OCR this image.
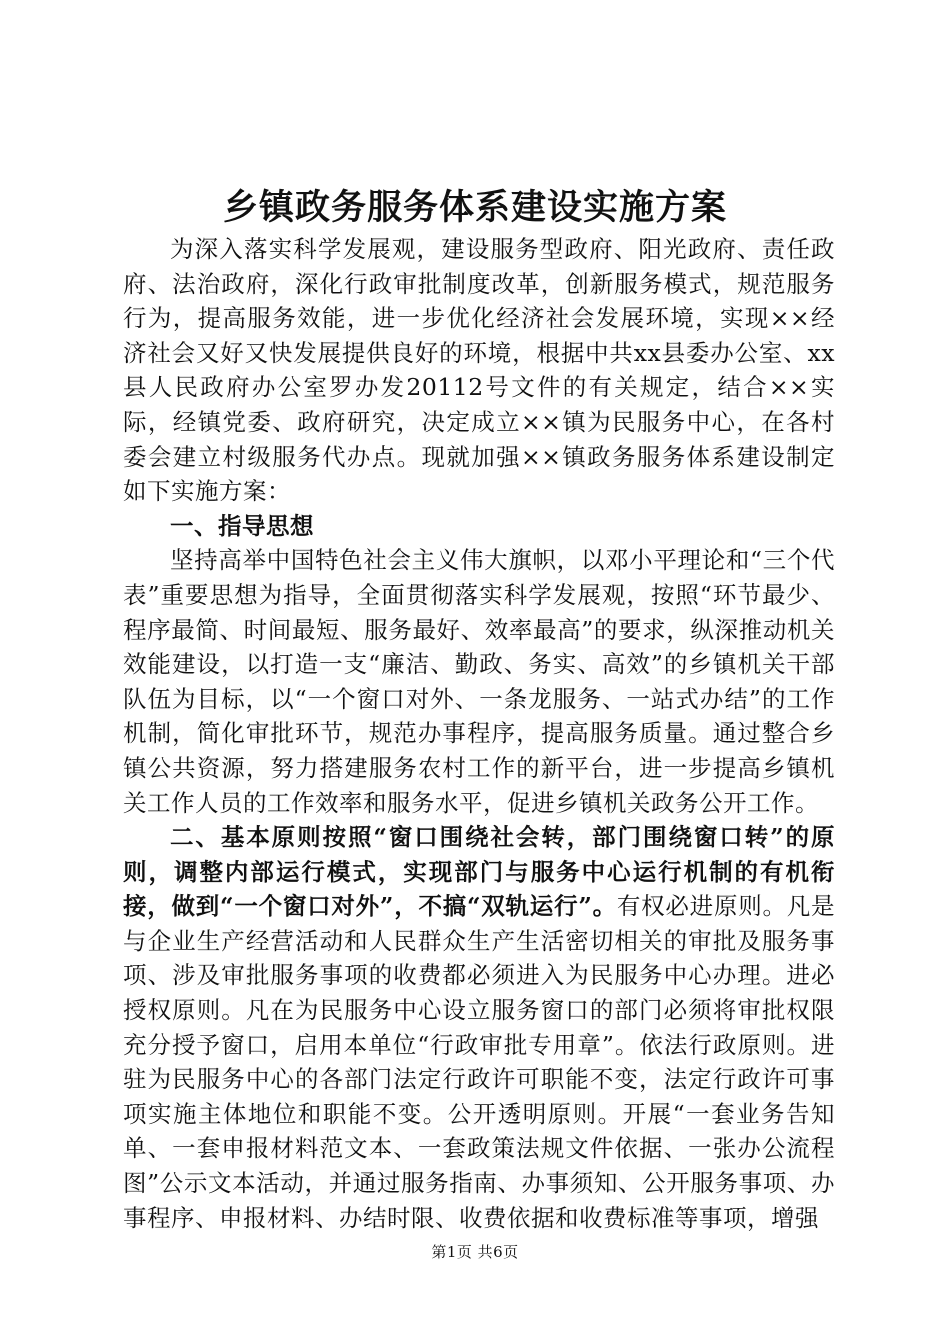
乡镇政务服务体系建设实施方案

为深入落实科学发展观，建设服务型政府、阳光政府、责任政府、法治政府，深化行政审批制度改革，创新服务模式，规范服务行为，提高服务效能，进一步优化经济社会发展环境，实现××经济社会又好又快发展提供良好的环境，根据中共xx县委办公室、xx县人民政府办公室罗办发20112号文件的有关规定，结合××实际，经镇党委、政府研究，决定成立××镇为民服务中心，在各村委会建立村级服务代办点。现就加强××镇政务服务体系建设制定如下实施方案：

一、指导思想

坚持高举中国特色社会主义伟大旗帜，以邓小平理论和“三个代表”重要思想为指导，全面贯彻落实科学发展观，按照“环节最少、程序最简、时间最短、服务最好、效率最高”的要求，纵深推动机关效能建设，以打造一支“廉洁、勤政、务实、高效”的乡镇机关干部队伍为目标，以“一个窗口对外、一条龙服务、一站式办结”的工作机制，简化审批环节，规范办事程序，提高服务质量。通过整合乡镇公共资源，努力搭建服务农村工作的新平台，进一步提高乡镇机关工作人员的工作效率和服务水平，促进乡镇机关政务公开工作。

二、基本原则按照“窗口围绕社会转，部门围绕窗口转”的原则，调整内部运行模式，实现部门与服务中心运行机制的有机衔接，做到“一个窗口对外”，不搞“双轨运行”。有权必进原则。凡是与企业生产经营活动和人民群众生产生活密切相关的审批及服务事项、涉及审批服务事项的收费都必须进入为民服务中心办理。进必授权原则。凡在为民服务中心设立服务窗口的部门必须将审批权限充分授予窗口，启用本单位“行政审批专用章”。依法行政原则。进驻为民服务中心的各部门法定行政许可职能不变，法定行政许可事项实施主体地位和职能不变。公开透明原则。开展“一套业务告知单、一套申报材料范文本、一套政策法规文件依据、一张办公流程图”公示文本活动，并通过服务指南、办事须知、公开服务事项、办事程序、申报材料、办结时限、收费依据和收费标准等事项，增强

第1页 共6页
